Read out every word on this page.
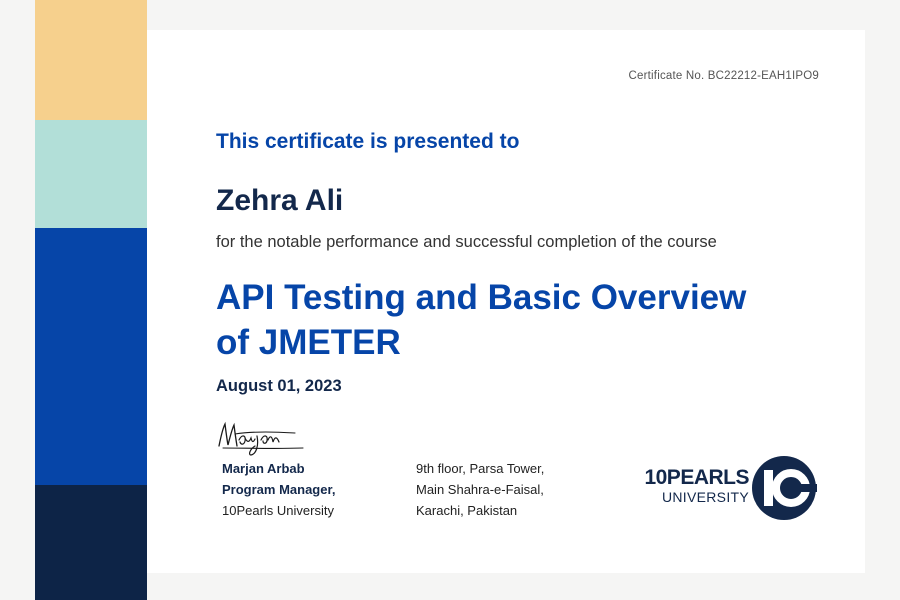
Certificate No. BC22212-EAH1IPO9
This certificate is presented to
Zehra Ali
for the notable performance and successful completion of the course
API Testing and Basic Overview
of JMETER
August 01, 2023
Marjan Arbab
Program Manager,
10Pearls University
9th floor, Parsa Tower,
Main Shahra-e-Faisal,
Karachi, Pakistan
10PEARLS
UNIVERSITY
